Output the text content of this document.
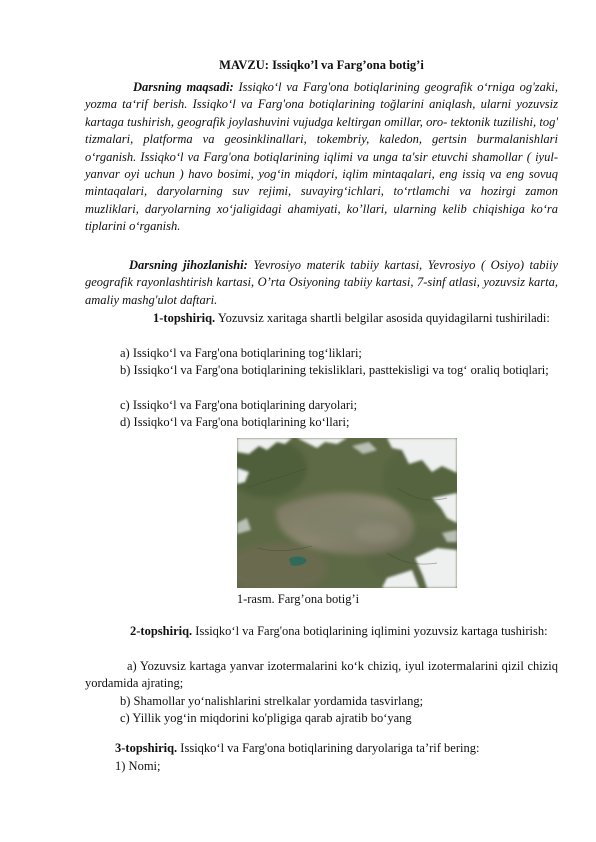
MAVZU: Issiqko’l va Farg’ona botig’i
Darsning maqsadi: Issiqko‘l va Farg'ona botiqlarining geografik o‘rniga og'zaki, yozma ta‘rif berish. Issiqko‘l va Farg'ona botiqlarining toğlarini aniqlash, ularni yozuvsiz kartaga tushirish, geografik joylashuvini vujudga keltirgan omillar, oro- tektonik tuzilishi, tog' tizmalari, platforma va geosinklinallari, tokembriy, kaledon, gertsin burmalanishlari o‘rganish. Issiqko‘l va Farg'ona botiqlarining iqlimi va unga ta'sir etuvchi shamollar ( iyul-yanvar oyi uchun ) havo bosimi, yog‘in miqdori, iqlim mintaqalari, eng issiq va eng sovuq mintaqalari, daryolarning suv rejimi, suvayirg‘ichlari, to‘rtlamchi va hozirgi zamon muzliklari, daryolarning xo‘jaligidagi ahamiyati, ko’llari, ularning kelib chiqishiga ko‘ra tiplarini o‘rganish.
Darsning jihozlanishi: Yevrosiyo materik tabiiy kartasi, Yevrosiyo ( Osiyo) tabiiy geografik rayonlashtirish kartasi, O’rta Osiyoning tabiiy kartasi, 7-sinf atlasi, yozuvsiz karta, amaliy mashg'ulot daftari.
1-topshiriq. Yozuvsiz xaritaga shartli belgilar asosida quyidagilarni tushiriladi:
a) Issiqko‘l va Farg'ona botiqlarining tog‘liklari;
b) Issiqko‘l va Farg'ona botiqlarining tekisliklari, pasttekisligi va tog‘ oraliq botiqlari;
c) Issiqko‘l va Farg'ona botiqlarining daryolari;
d) Issiqko‘l va Farg'ona botiqlarining ko‘llari;
2-topshiriq. Issiqko‘l va Farg'ona botiqlarining iqlimini yozuvsiz kartaga tushirish:
a) Yozuvsiz kartaga yanvar izotermalarini ko‘k chiziq, iyul izotermalarini qizil chiziq yordamida ajrating;
b) Shamollar yo‘nalishlarini strelkalar yordamida tasvirlang;
c) Yillik yog‘in miqdorini ko'pligiga qarab ajratib bo‘yang
3-topshiriq. Issiqko‘l va Farg'ona botiqlarining daryolariga ta’rif bering:
1) Nomi;
1-rasm. Farg’ona botig’i
